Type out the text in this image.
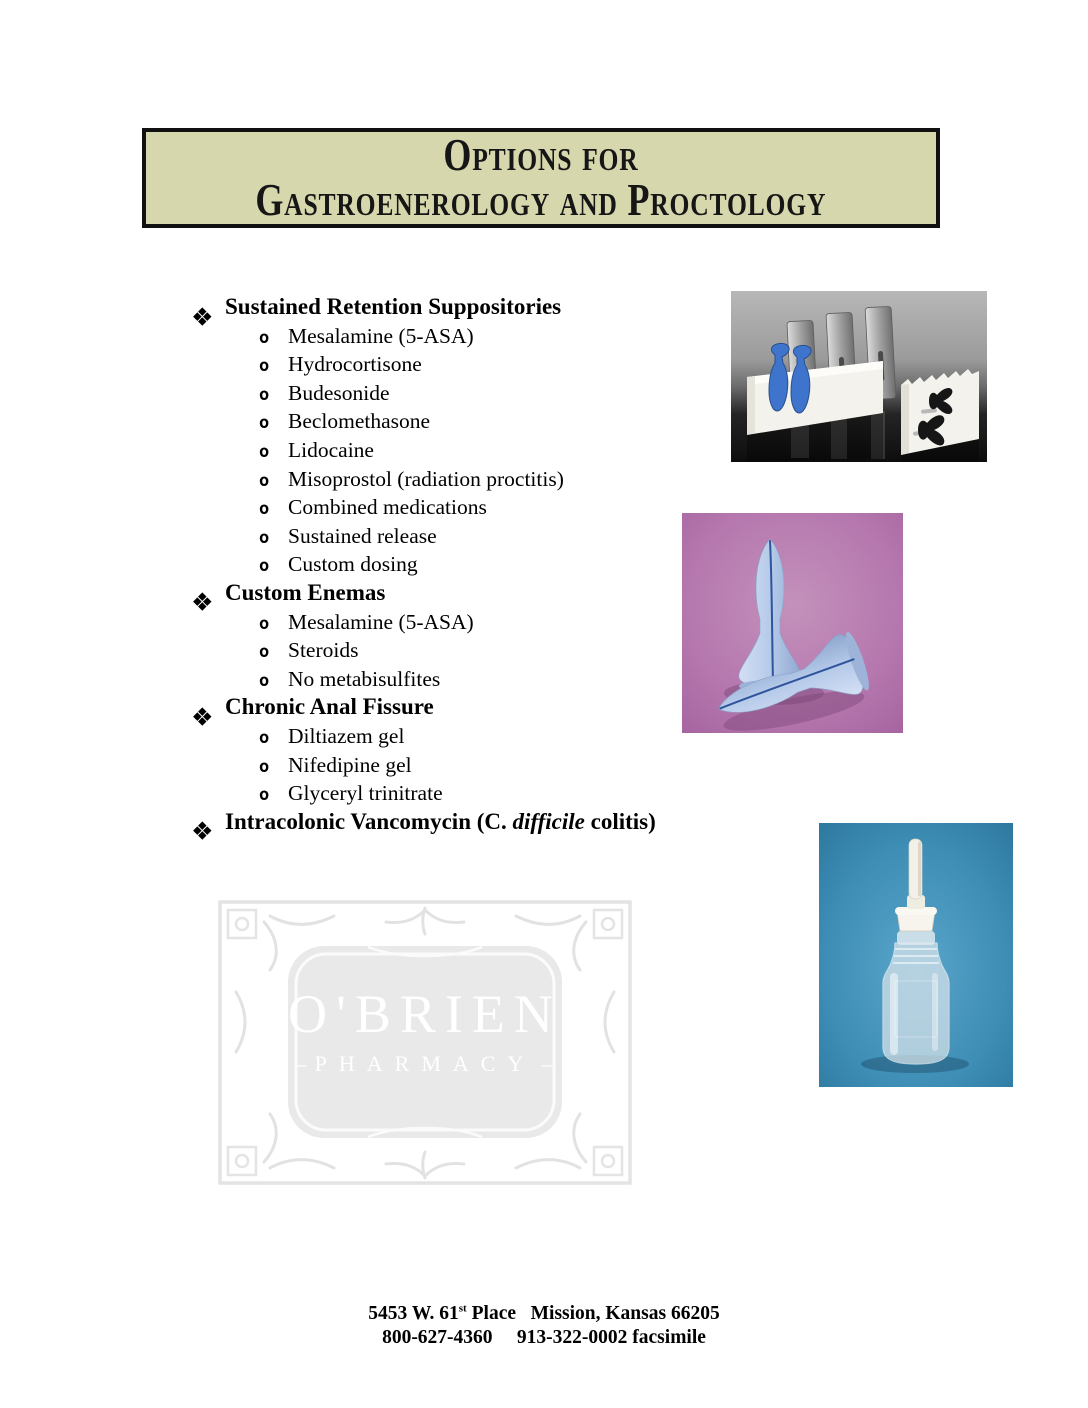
Options for
Gastroenerology and Proctology
Sustained Retention Suppositories
o Mesalamine (5-ASA)
o Hydrocortisone
o Budesonide
o Beclomethasone
o Lidocaine
o Misoprostol (radiation proctitis)
o Combined medications
o Sustained release
o Custom dosing
Custom Enemas
o Mesalamine (5-ASA)
o Steroids
o No metabisulfites
Chronic Anal Fissure
o Diltiazem gel
o Nifedipine gel
o Glyceryl trinitrate
Intracolonic Vancomycin (C. difficile colitis)
O'BRIEN
– PHARMACY –
5453 W. 61st Place   Mission, Kansas 66205
800-627-4360     913-322-0002 facsimile
